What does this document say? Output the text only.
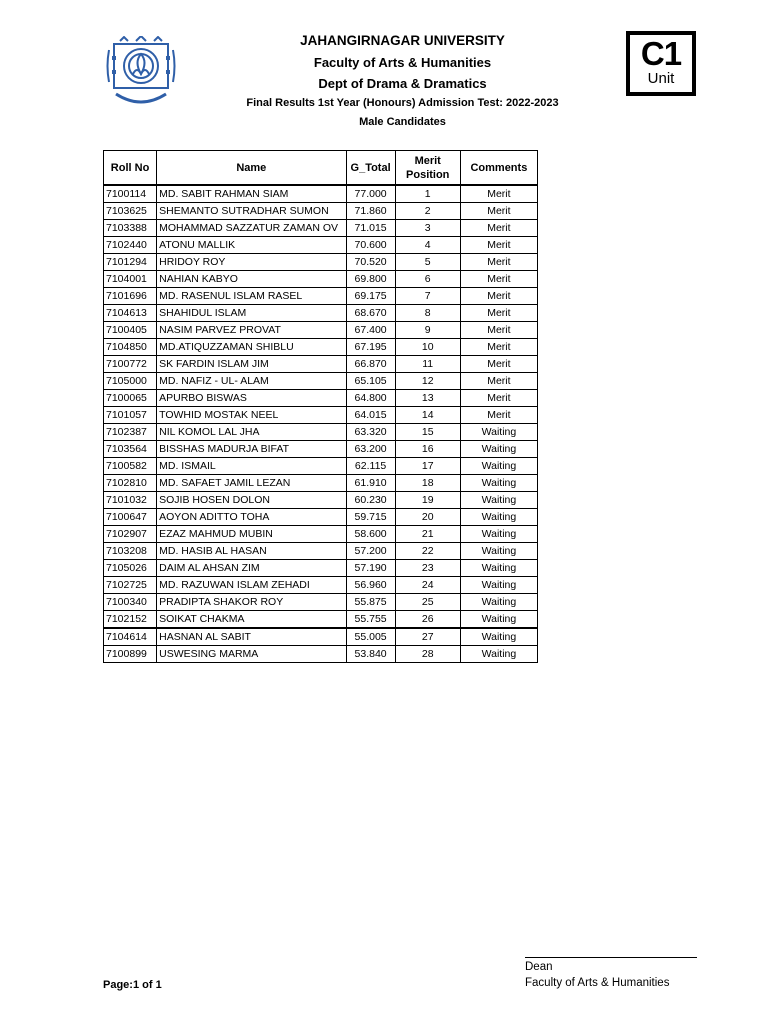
JAHANGIRNAGAR UNIVERSITY
Faculty of Arts & Humanities
Dept of Drama & Dramatics
Final Results 1st Year (Honours) Admission Test: 2022-2023
Male Candidates
C1
Unit
Roll No	Name	G_Total	Merit Position	Comments
7100114	MD. SABIT RAHMAN SIAM	77.000	1	Merit
7103625	SHEMANTO SUTRADHAR SUMON	71.860	2	Merit
7103388	MOHAMMAD SAZZATUR ZAMAN OV	71.015	3	Merit
7102440	ATONU MALLIK	70.600	4	Merit
7101294	HRIDOY ROY	70.520	5	Merit
7104001	NAHIAN KABYO	69.800	6	Merit
7101696	MD. RASENUL ISLAM RASEL	69.175	7	Merit
7104613	SHAHIDUL ISLAM	68.670	8	Merit
7100405	NASIM PARVEZ PROVAT	67.400	9	Merit
7104850	MD.ATIQUZZAMAN SHIBLU	67.195	10	Merit
7100772	SK FARDIN ISLAM JIM	66.870	11	Merit
7105000	MD. NAFIZ - UL- ALAM	65.105	12	Merit
7100065	APURBO BISWAS	64.800	13	Merit
7101057	TOWHID MOSTAK NEEL	64.015	14	Merit
7102387	NIL KOMOL LAL JHA	63.320	15	Waiting
7103564	BISSHAS MADURJA BIFAT	63.200	16	Waiting
7100582	MD. ISMAIL	62.115	17	Waiting
7102810	MD. SAFAET JAMIL LEZAN	61.910	18	Waiting
7101032	SOJIB HOSEN DOLON	60.230	19	Waiting
7100647	AOYON ADITTO TOHA	59.715	20	Waiting
7102907	EZAZ MAHMUD MUBIN	58.600	21	Waiting
7103208	MD. HASIB AL HASAN	57.200	22	Waiting
7105026	DAIM AL AHSAN ZIM	57.190	23	Waiting
7102725	MD. RAZUWAN ISLAM ZEHADI	56.960	24	Waiting
7100340	PRADIPTA SHAKOR ROY	55.875	25	Waiting
7102152	SOIKAT CHAKMA	55.755	26	Waiting
7104614	HASNAN AL SABIT	55.005	27	Waiting
7100899	USWESING MARMA	53.840	28	Waiting
Dean
Faculty of Arts & Humanities
Page:1 of 1
